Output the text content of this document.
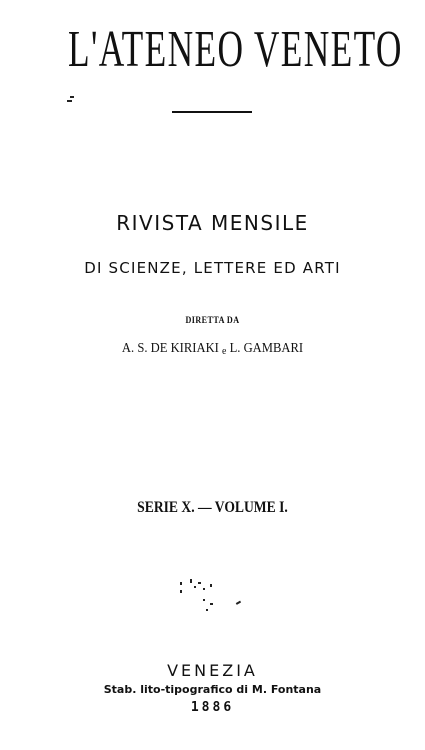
L'ATENEO VENETO
RIVISTA MENSILE
DI SCIENZE, LETTERE ED ARTI
DIRETTA DA
A. S. DE KIRIAKI e L. GAMBARI
SERIE X. — VOLUME I.
VENEZIA
Stab. lito-tipografico di M. Fontana
1886
